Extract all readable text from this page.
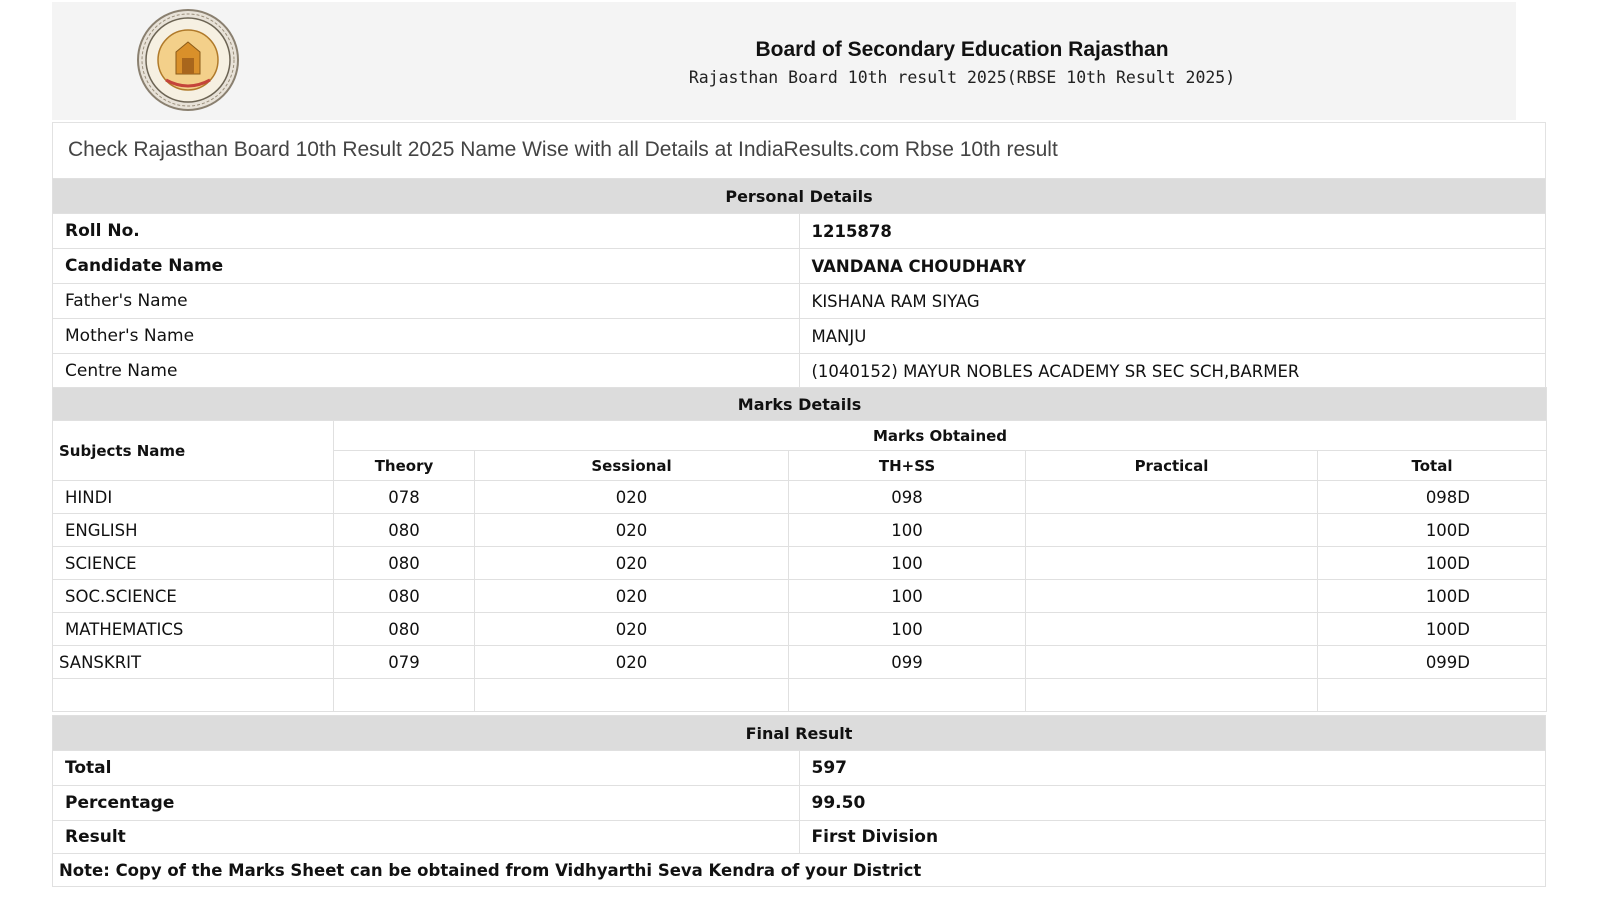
Board of Secondary Education Rajasthan
Rajasthan Board 10th result 2025(RBSE 10th Result 2025)
Check Rajasthan Board 10th Result 2025 Name Wise with all Details at IndiaResults.com Rbse 10th result
Personal Details	
Roll No.	1215878
Candidate Name	VANDANA CHOUDHARY
Father's Name	KISHANA RAM SIYAG
Mother's Name	MANJU
Centre Name	(1040152) MAYUR NOBLES ACADEMY SR SEC SCH,BARMER
Marks Details					
Subjects Name	Marks Obtained				
	Theory	Sessional	TH+SS	Practical	Total
HINDI	078	020	098		098D
ENGLISH	080	020	100		100D
SCIENCE	080	020	100		100D
SOC.SCIENCE	080	020	100		100D
MATHEMATICS	080	020	100		100D
SANSKRIT	079	020	099		099D

Final Result	
Total	597
Percentage	99.50
Result	First Division
Note: Copy of the Marks Sheet can be obtained from Vidhyarthi Seva Kendra of your District	
